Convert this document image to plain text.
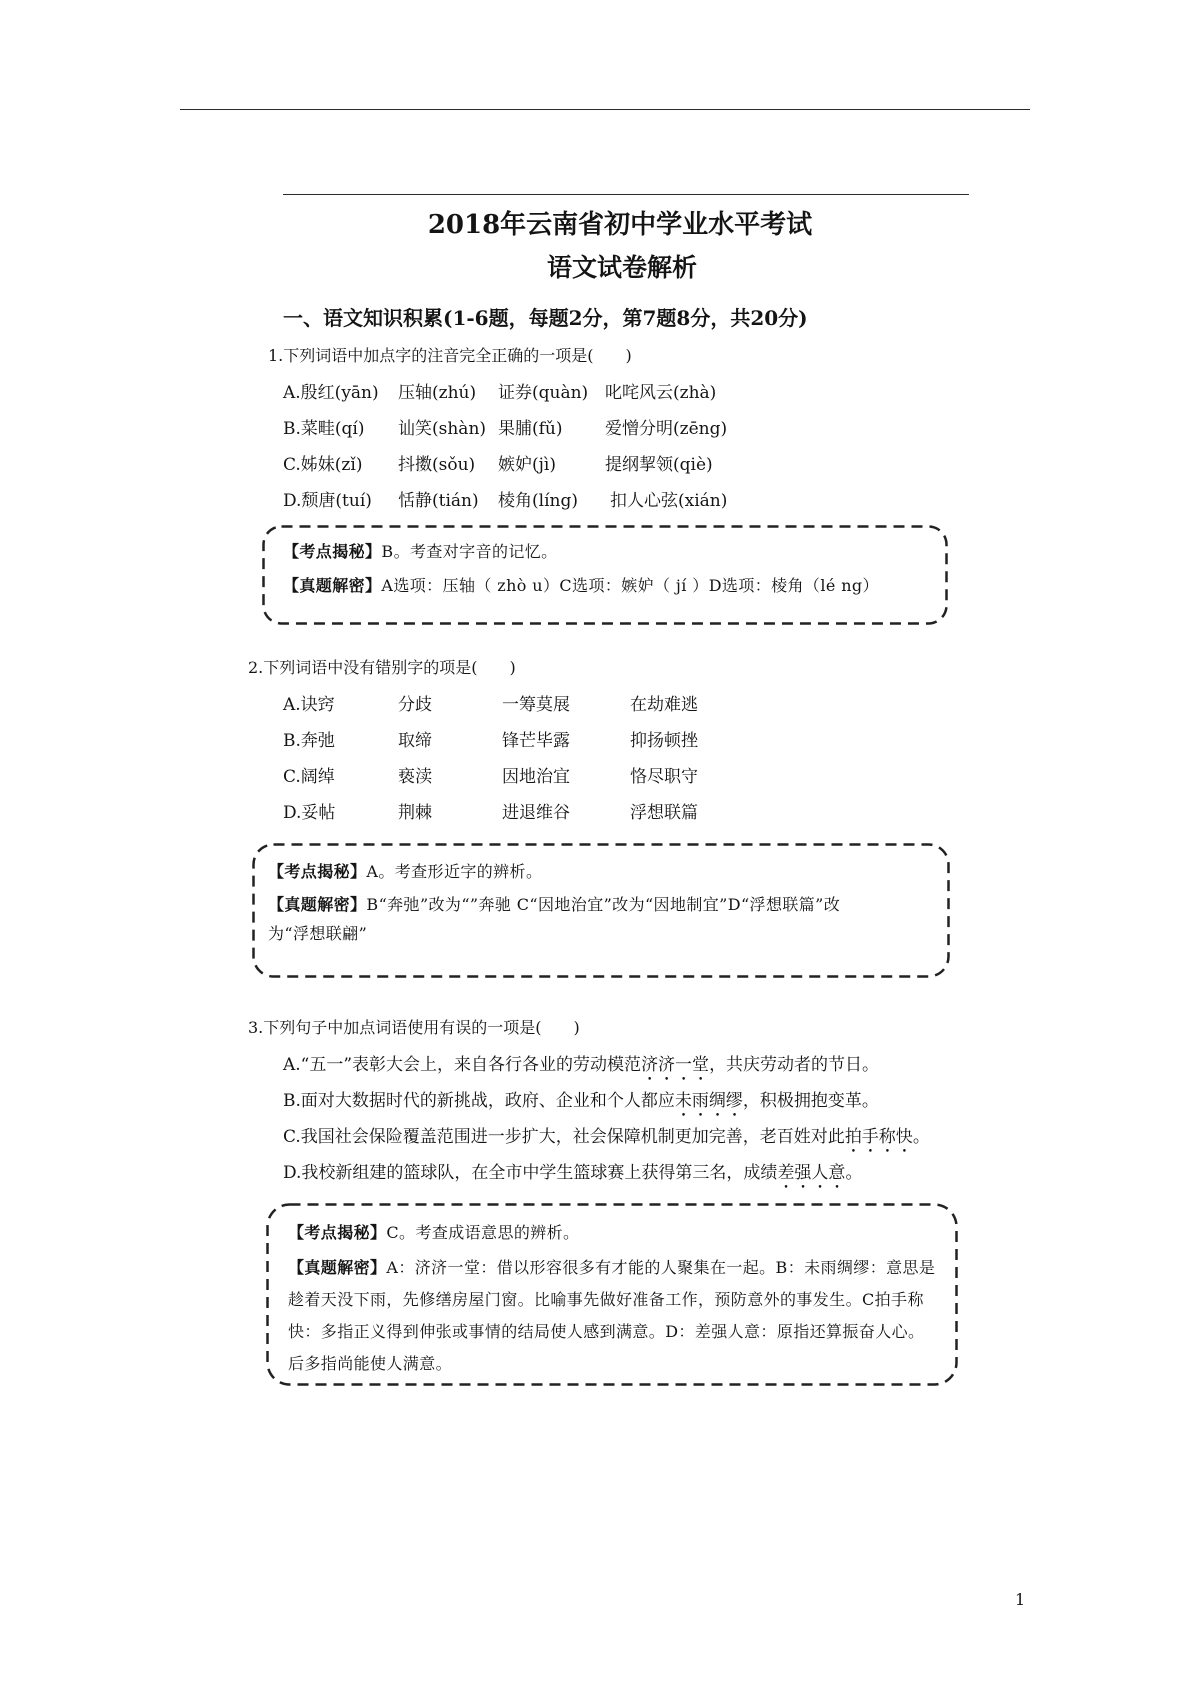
2018年云南省初中学业水平考试
语文试卷解析
一、语文知识积累(1-6题，每题2分，第7题8分，共20分)
1.下列词语中加点字的注音完全正确的一项是(　　)
A.殷红(yān) 压轴(zhú) 证券(quàn) 叱咤风云(zhà)
B.菜畦(qí) 讪笑(shàn) 果脯(fǔ) 爱憎分明(zēng)
C.姊妹(zǐ) 抖擞(sǒu) 嫉妒(jì)	提纲挈领(qiè)
D.颓唐(tuí) 恬静(tián) 棱角(líng) 扣人心弦(xián)
【考点揭秘】B。考查对字音的记忆。
【真题解密】A选项：压轴（ zhò u）C选项：嫉妒（ jí ）D选项：棱角（lé ng）
2.下列词语中没有错别字的项是(　　)
A.诀窍	分歧	一筹莫展	在劫难逃
B.奔弛	取缔	锋芒毕露	抑扬顿挫
C.阔绰	亵渎	因地治宜	恪尽职守
D.妥帖	荆棘	进退维谷	浮想联篇
【考点揭秘】A。考查形近字的辨析。
【真题解密】B“奔弛”改为“”奔驰 C“因地治宜”改为“因地制宜”D“浮想联篇”改
为“浮想联翩”
3.下列句子中加点词语使用有误的一项是(　　)
A.“五一”表彰大会上，来自各行各业的劳动模范济济一堂，共庆劳动者的节日。
B.面对大数据时代的新挑战，政府、企业和个人都应未雨绸缪，积极拥抱变革。
C.我国社会保险覆盖范围进一步扩大，社会保障机制更加完善，老百姓对此拍手称快。
D.我校新组建的篮球队，在全市中学生篮球赛上获得第三名，成绩差强人意。
【考点揭秘】C。考查成语意思的辨析。
【真题解密】A：济济一堂：借以形容很多有才能的人聚集在一起。B：未雨绸缪：意思是
趁着天没下雨，先修缮房屋门窗。比喻事先做好准备工作，预防意外的事发生。C拍手称
快：多指正义得到伸张或事情的结局使人感到满意。D：差强人意：原指还算振奋人心。
后多指尚能使人满意。
1
